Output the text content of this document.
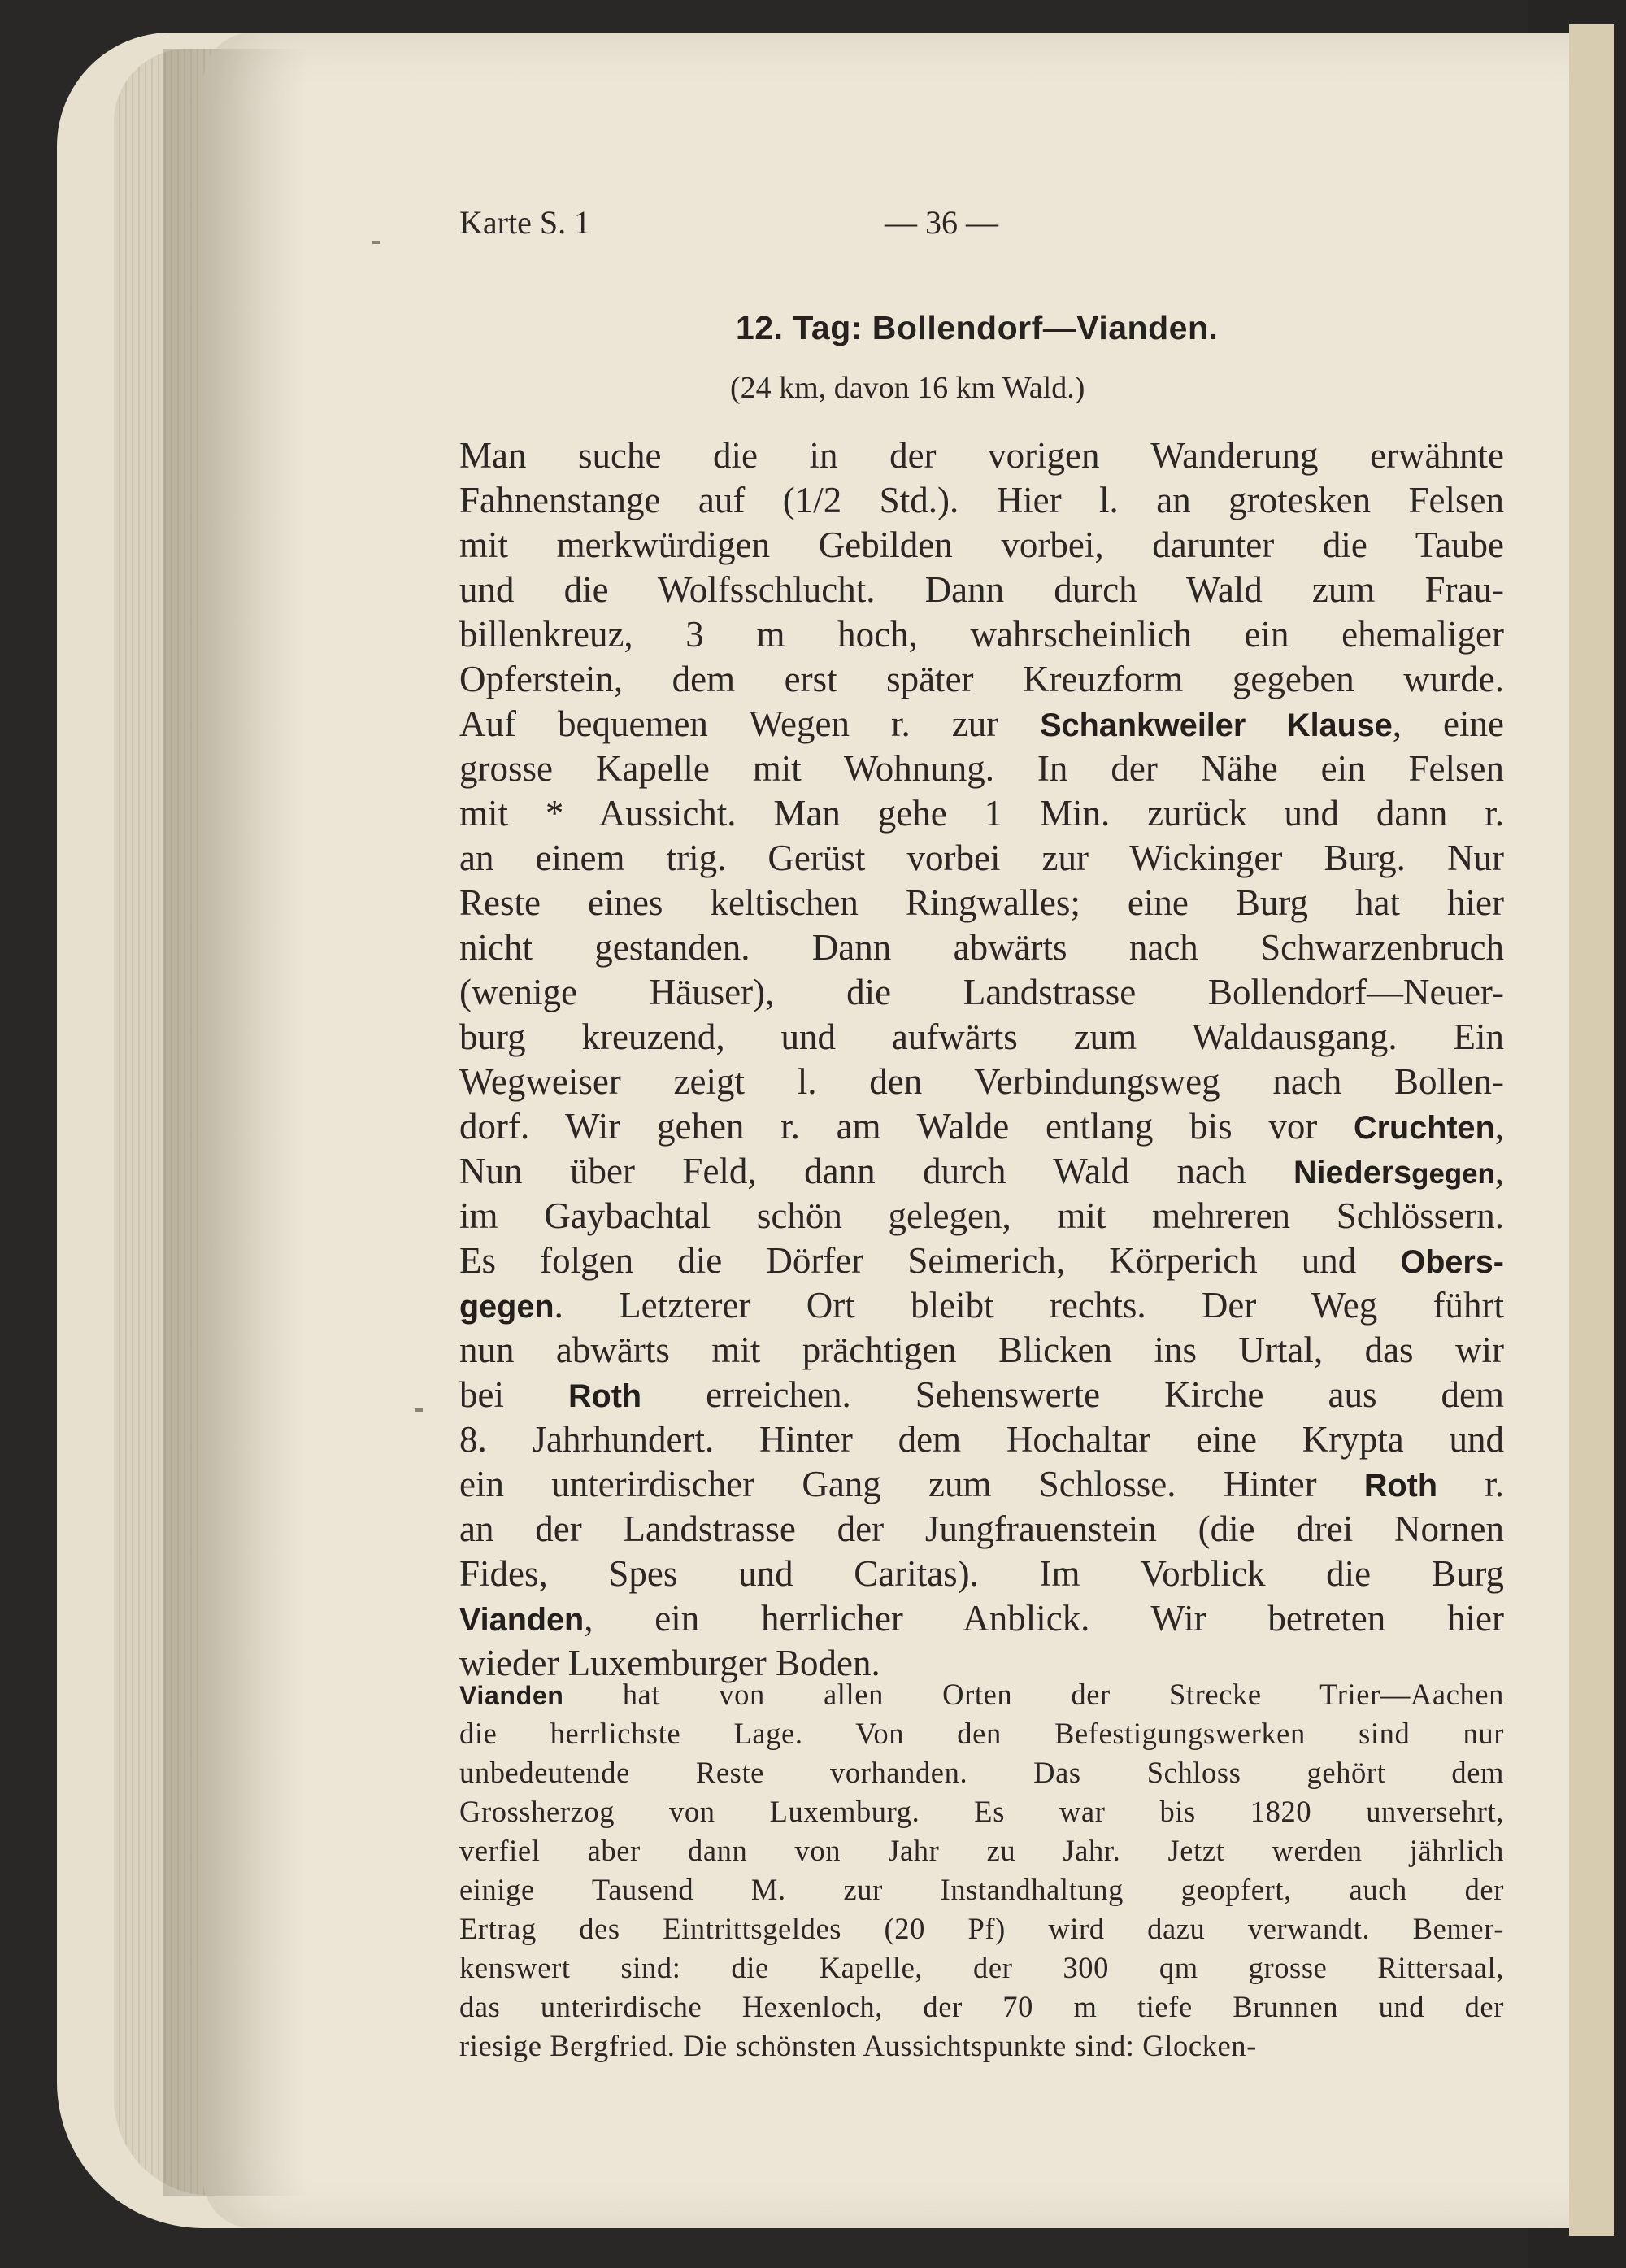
Karte S. 1	— 36 —
12. Tag: Bollendorf—Vianden.
(24 km, davon 16 km Wald.)
Man suche die in der vorigen Wanderung erwähnte
Fahnenstange auf (1/2 Std.). Hier l. an grotesken Felsen
mit merkwürdigen Gebilden vorbei, darunter die Taube
und die Wolfsschlucht. Dann durch Wald zum Frau-
billenkreuz, 3 m hoch, wahrscheinlich ein ehemaliger
Opferstein, dem erst später Kreuzform gegeben wurde.
Auf bequemen Wegen r. zur Schankweiler Klause, eine
grosse Kapelle mit Wohnung. In der Nähe ein Felsen
mit * Aussicht. Man gehe 1 Min. zurück und dann r.
an einem trig. Gerüst vorbei zur Wickinger Burg. Nur
Reste eines keltischen Ringwalles; eine Burg hat hier
nicht gestanden. Dann abwärts nach Schwarzenbruch
(wenige Häuser), die Landstrasse Bollendorf—Neuer-
burg kreuzend, und aufwärts zum Waldausgang. Ein
Wegweiser zeigt l. den Verbindungsweg nach Bollen-
dorf. Wir gehen r. am Walde entlang bis vor Cruchten,
Nun über Feld, dann durch Wald nach Niedersgegen,
im Gaybachtal schön gelegen, mit mehreren Schlössern.
Es folgen die Dörfer Seimerich, Körperich und Obers-
gegen. Letzterer Ort bleibt rechts. Der Weg führt
nun abwärts mit prächtigen Blicken ins Urtal, das wir
bei Roth erreichen. Sehenswerte Kirche aus dem
8. Jahrhundert. Hinter dem Hochaltar eine Krypta und
ein unterirdischer Gang zum Schlosse. Hinter Roth r.
an der Landstrasse der Jungfrauenstein (die drei Nornen
Fides, Spes und Caritas). Im Vorblick die Burg
Vianden, ein herrlicher Anblick. Wir betreten hier
wieder Luxemburger Boden.
Vianden hat von allen Orten der Strecke Trier—Aachen
die herrlichste Lage. Von den Befestigungswerken sind nur
unbedeutende Reste vorhanden. Das Schloss gehört dem
Grossherzog von Luxemburg. Es war bis 1820 unversehrt,
verfiel aber dann von Jahr zu Jahr. Jetzt werden jährlich
einige Tausend M. zur Instandhaltung geopfert, auch der
Ertrag des Eintrittsgeldes (20 Pf) wird dazu verwandt. Bemer-
kenswert sind: die Kapelle, der 300 qm grosse Rittersaal,
das unterirdische Hexenloch, der 70 m tiefe Brunnen und der
riesige Bergfried. Die schönsten Aussichtspunkte sind: Glocken-
